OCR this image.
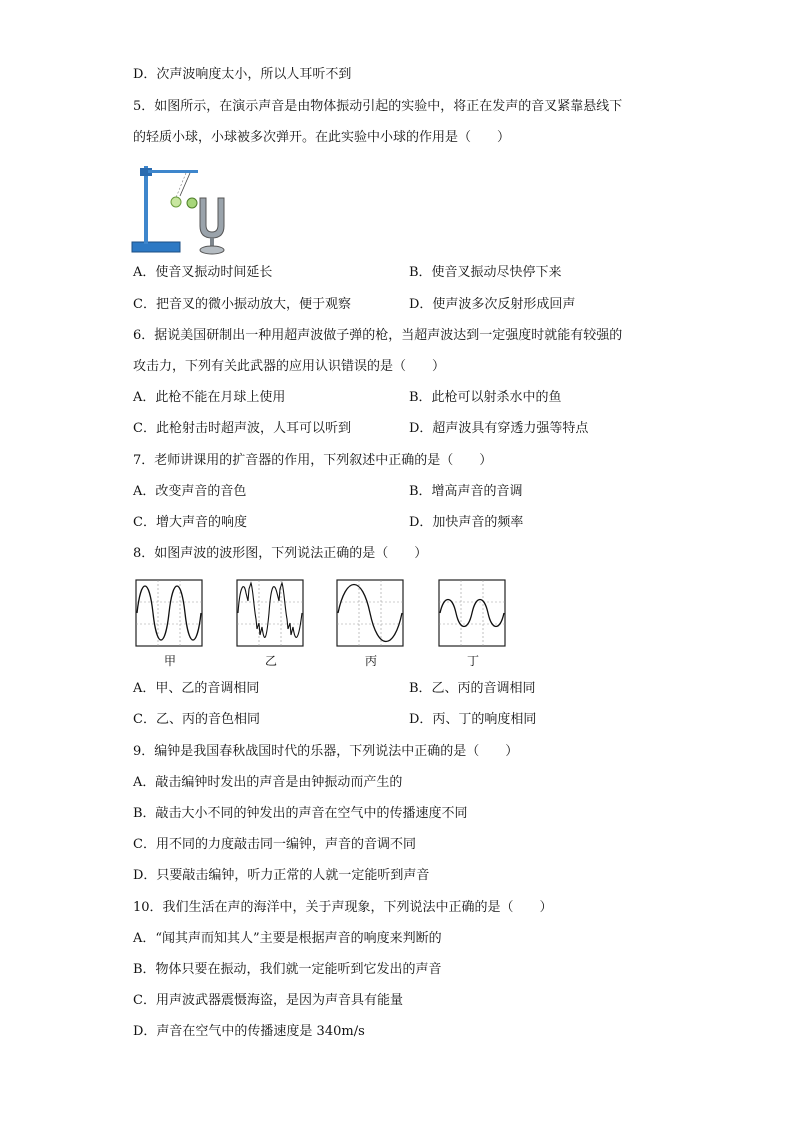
D．次声波响度太小，所以人耳听不到
5．如图所示，在演示声音是由物体振动引起的实验中，将正在发声的音叉紧靠悬线下
的轻质小球，小球被多次弹开。在此实验中小球的作用是（　　）
A．使音叉振动时间延长	B．使音叉振动尽快停下来
C．把音叉的微小振动放大，便于观察	D．使声波多次反射形成回声
6．据说美国研制出一种用超声波做子弹的枪，当超声波达到一定强度时就能有较强的
攻击力，下列有关此武器的应用认识错误的是（　　）
A．此枪不能在月球上使用	B．此枪可以射杀水中的鱼
C．此枪射击时超声波，人耳可以听到	D．超声波具有穿透力强等特点
7．老师讲课用的扩音器的作用，下列叙述中正确的是（　　）
A．改变声音的音色	B．增高声音的音调
C．增大声音的响度	D．加快声音的频率
8．如图声波的波形图，下列说法正确的是（　　）
甲	乙	丙	丁
A．甲、乙的音调相同	B．乙、丙的音调相同
C．乙、丙的音色相同	D．丙、丁的响度相同
9．编钟是我国春秋战国时代的乐器，下列说法中正确的是（　　）
A．敲击编钟时发出的声音是由钟振动而产生的
B．敲击大小不同的钟发出的声音在空气中的传播速度不同
C．用不同的力度敲击同一编钟，声音的音调不同
D．只要敲击编钟，听力正常的人就一定能听到声音
10．我们生活在声的海洋中，关于声现象，下列说法中正确的是（　　）
A．“闻其声而知其人”主要是根据声音的响度来判断的
B．物体只要在振动，我们就一定能听到它发出的声音
C．用声波武器震慑海盗，是因为声音具有能量
D．声音在空气中的传播速度是 340m/s
